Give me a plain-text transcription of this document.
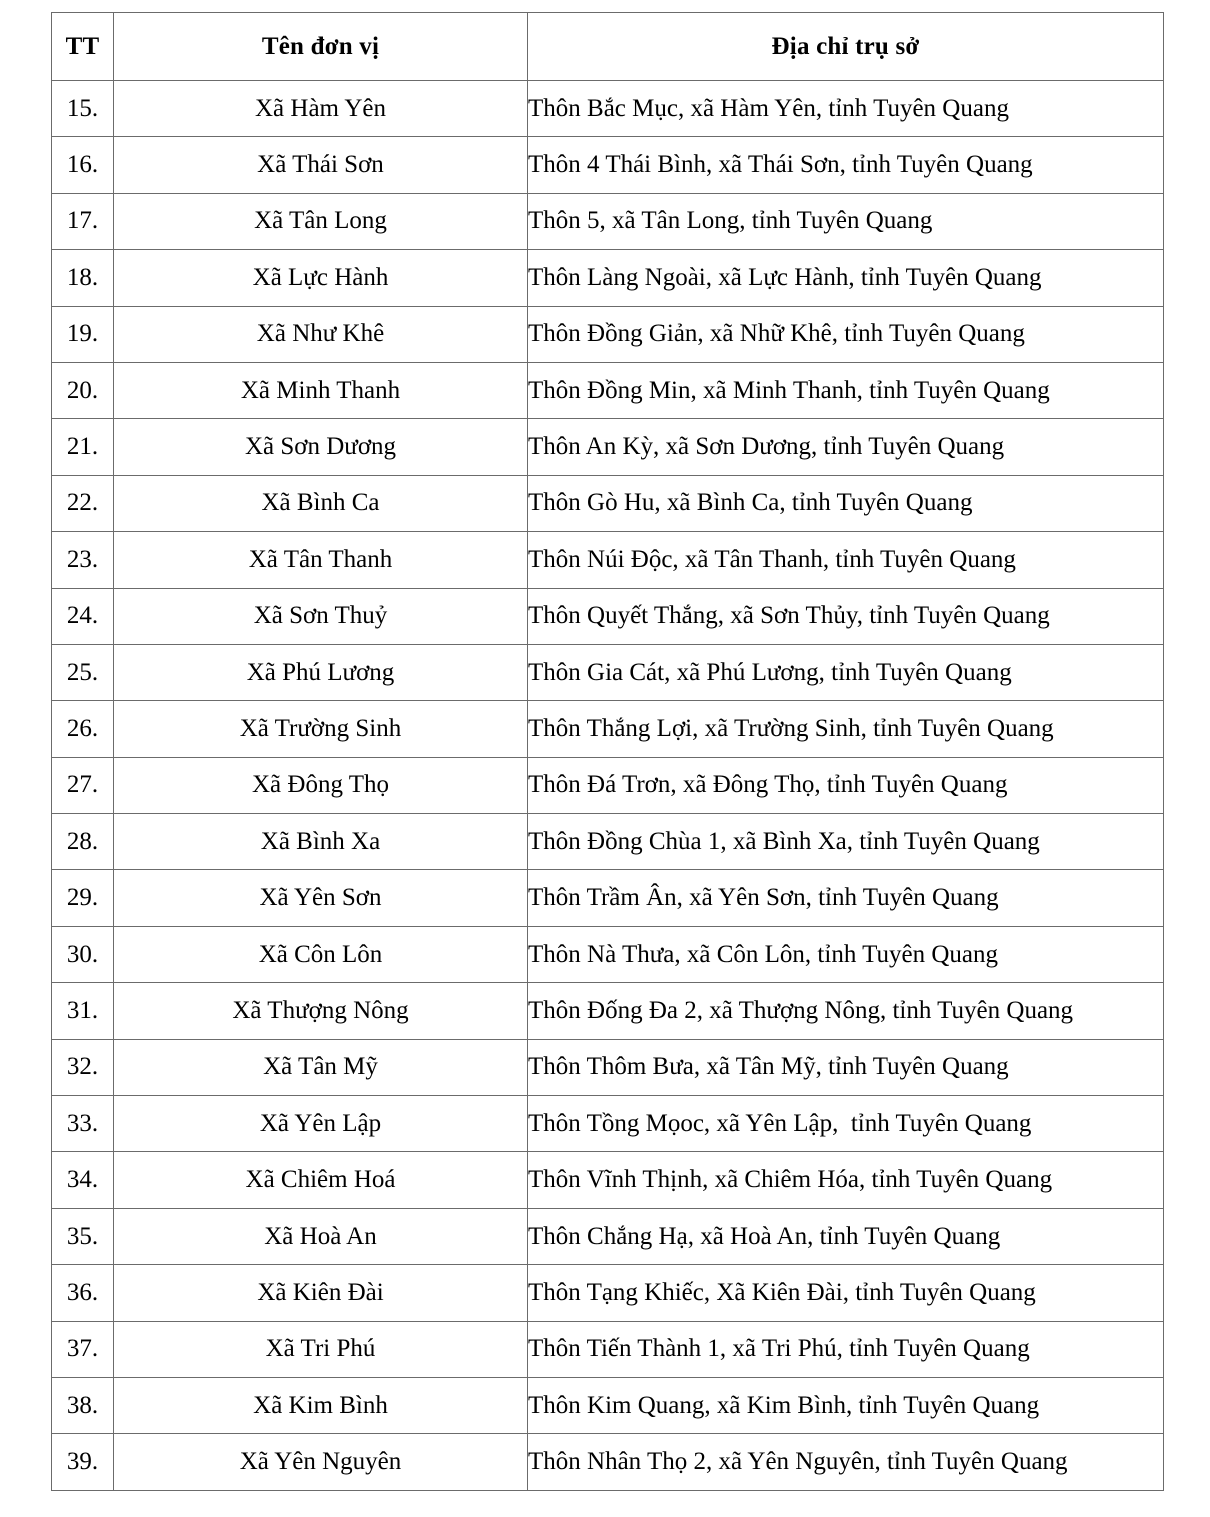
TT	Tên đơn vị	Địa chỉ trụ sở
15.	Xã Hàm Yên	Thôn Bắc Mục, xã Hàm Yên, tỉnh Tuyên Quang
16.	Xã Thái Sơn	Thôn 4 Thái Bình, xã Thái Sơn, tỉnh Tuyên Quang
17.	Xã Tân Long	Thôn 5, xã Tân Long, tỉnh Tuyên Quang
18.	Xã Lực Hành	Thôn Làng Ngoài, xã Lực Hành, tỉnh Tuyên Quang
19.	Xã Như Khê	Thôn Đồng Giản, xã Nhữ Khê, tỉnh Tuyên Quang
20.	Xã Minh Thanh	Thôn Đồng Min, xã Minh Thanh, tỉnh Tuyên Quang
21.	Xã Sơn Dương	Thôn An Kỳ, xã Sơn Dương, tỉnh Tuyên Quang
22.	Xã Bình Ca	Thôn Gò Hu, xã Bình Ca, tỉnh Tuyên Quang
23.	Xã Tân Thanh	Thôn Núi Độc, xã Tân Thanh, tỉnh Tuyên Quang
24.	Xã Sơn Thuỷ	Thôn Quyết Thắng, xã Sơn Thủy, tỉnh Tuyên Quang
25.	Xã Phú Lương	Thôn Gia Cát, xã Phú Lương, tỉnh Tuyên Quang
26.	Xã Trường Sinh	Thôn Thắng Lợi, xã Trường Sinh, tỉnh Tuyên Quang
27.	Xã Đông Thọ	Thôn Đá Trơn, xã Đông Thọ, tỉnh Tuyên Quang
28.	Xã Bình Xa	Thôn Đồng Chùa 1, xã Bình Xa, tỉnh Tuyên Quang
29.	Xã Yên Sơn	Thôn Trầm Ân, xã Yên Sơn, tỉnh Tuyên Quang
30.	Xã Côn Lôn	Thôn Nà Thưa, xã Côn Lôn, tỉnh Tuyên Quang
31.	Xã Thượng Nông	Thôn Đống Đa 2, xã Thượng Nông, tỉnh Tuyên Quang
32.	Xã Tân Mỹ	Thôn Thôm Bưa, xã Tân Mỹ, tỉnh Tuyên Quang
33.	Xã Yên Lập	Thôn Tồng Mọoc, xã Yên Lập,  tỉnh Tuyên Quang
34.	Xã Chiêm Hoá	Thôn Vĩnh Thịnh, xã Chiêm Hóa, tỉnh Tuyên Quang
35.	Xã Hoà An	Thôn Chắng Hạ, xã Hoà An, tỉnh Tuyên Quang
36.	Xã Kiên Đài	Thôn Tạng Khiếc, Xã Kiên Đài, tỉnh Tuyên Quang
37.	Xã Tri Phú	Thôn Tiến Thành 1, xã Tri Phú, tỉnh Tuyên Quang
38.	Xã Kim Bình	Thôn Kim Quang, xã Kim Bình, tỉnh Tuyên Quang
39.	Xã Yên Nguyên	Thôn Nhân Thọ 2, xã Yên Nguyên, tỉnh Tuyên Quang
